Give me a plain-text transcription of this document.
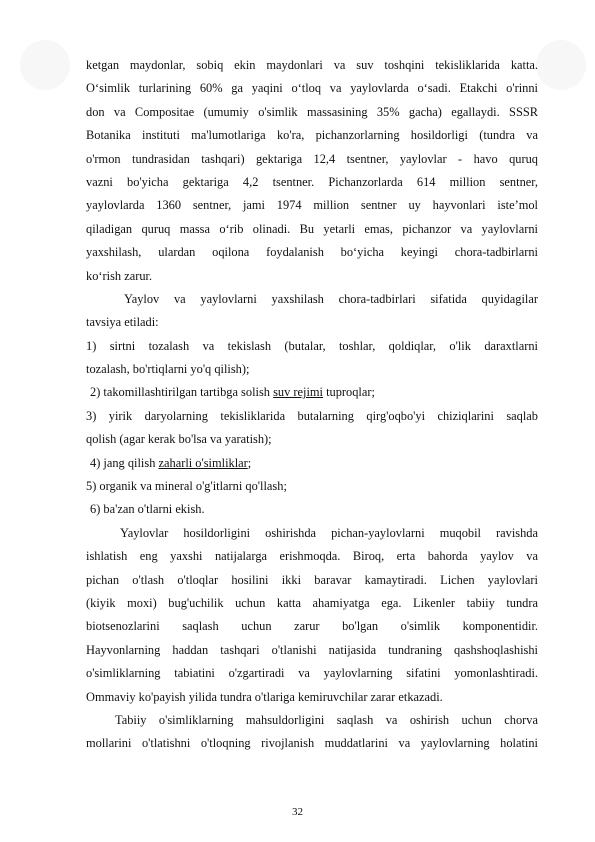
ketgan maydonlar, sobiq ekin maydonlari va suv toshqini tekisliklarida katta.
O‘simlik turlarining 60% ga yaqini o‘tloq va yaylovlarda o‘sadi. Etakchi o'rinni
don va Compositae (umumiy o'simlik massasining 35% gacha) egallaydi. SSSR
Botanika instituti ma'lumotlariga ko'ra, pichanzorlarning hosildorligi (tundra va
o'rmon tundrasidan tashqari) gektariga 12,4 tsentner, yaylovlar - havo quruq
vazni bo'yicha gektariga 4,2 tsentner. Pichanzorlarda 614 million sentner,
yaylovlarda 1360 sentner, jami 1974 million sentner uy hayvonlari iste’mol
qiladigan quruq massa o‘rib olinadi. Bu yetarli emas, pichanzor va yaylovlarni
yaxshilash, ulardan oqilona foydalanish bo‘yicha keyingi chora-tadbirlarni
ko‘rish zarur.
Yaylov va yaylovlarni yaxshilash chora-tadbirlari sifatida quyidagilar
tavsiya etiladi:
1) sirtni tozalash va tekislash (butalar, toshlar, qoldiqlar, o'lik daraxtlarni
tozalash, bo'rtiqlarni yo'q qilish);
2) takomillashtirilgan tartibga solish suv rejimi tuproqlar;
3) yirik daryolarning tekisliklarida butalarning qirg'oqbo'yi chiziqlarini saqlab
qolish (agar kerak bo'lsa va yaratish);
4) jang qilish zaharli o'simliklar;
5) organik va mineral o'g'itlarni qo'llash;
6) ba'zan o'tlarni ekish.
Yaylovlar hosildorligini oshirishda pichan-yaylovlarni muqobil ravishda
ishlatish eng yaxshi natijalarga erishmoqda. Biroq, erta bahorda yaylov va
pichan o'tlash o'tloqlar hosilini ikki baravar kamaytiradi. Lichen yaylovlari
(kiyik moxi) bug'uchilik uchun katta ahamiyatga ega. Likenler tabiiy tundra
biotsenozlarini saqlash uchun zarur bo'lgan o'simlik komponentidir.
Hayvonlarning haddan tashqari o'tlanishi natijasida tundraning qashshoqlashishi
o'simliklarning tabiatini o'zgartiradi va yaylovlarning sifatini yomonlashtiradi.
Ommaviy ko'payish yilida tundra o'tlariga kemiruvchilar zarar etkazadi.
Tabiiy o'simliklarning mahsuldorligini saqlash va oshirish uchun chorva
mollarini o'tlatishni o'tloqning rivojlanish muddatlarini va yaylovlarning holatini
32
